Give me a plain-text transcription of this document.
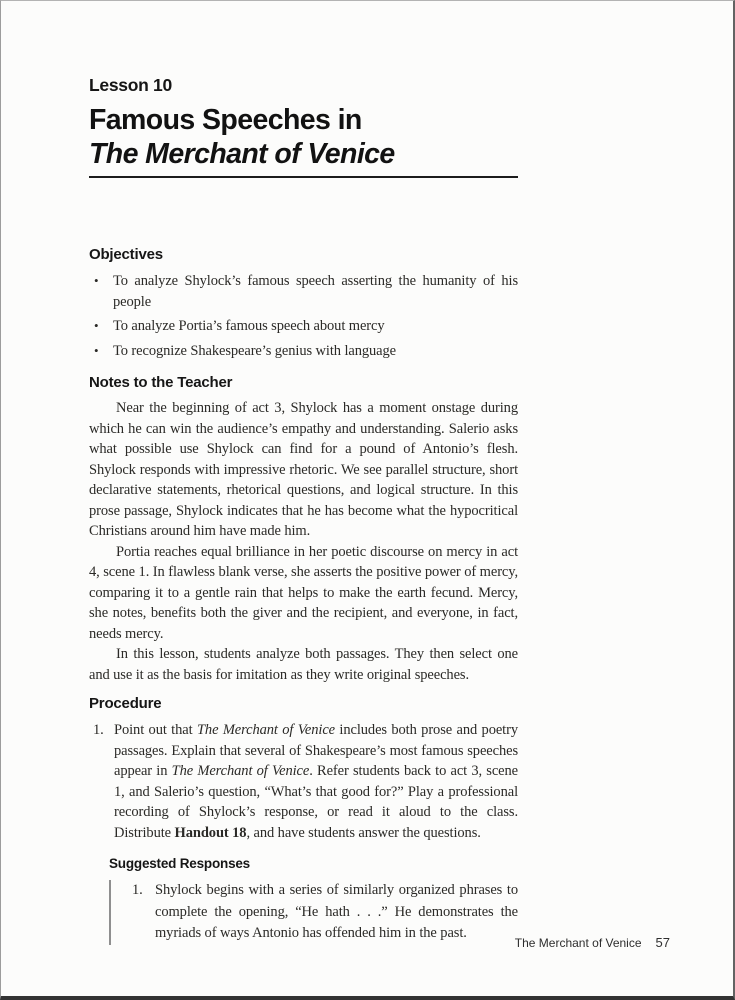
Lesson 10
Famous Speeches in
The Merchant of Venice
Objectives
•	To analyze Shylock’s famous speech asserting the humanity of his people
•	To analyze Portia’s famous speech about mercy
•	To recognize Shakespeare’s genius with language
Notes to the Teacher

Near the beginning of act 3, Shylock has a moment onstage during which he can win the audience’s empathy and understanding. Salerio asks what possible use Shylock can find for a pound of Antonio’s flesh. Shylock responds with impressive rhetoric. We see parallel structure, short declarative statements, rhetorical questions, and logical structure. In this prose passage, Shylock indicates that he has become what the hypocritical Christians around him have made him.

Portia reaches equal brilliance in her poetic discourse on mercy in act 4, scene 1. In flawless blank verse, she asserts the positive power of mercy, comparing it to a gentle rain that helps to make the earth fecund. Mercy, she notes, benefits both the giver and the recipient, and everyone, in fact, needs mercy.

In this lesson, students analyze both passages. They then select one and use it as the basis for imitation as they write original speeches.

Procedure
1. Point out that The Merchant of Venice includes both prose and poetry passages. Explain that several of Shakespeare’s most famous speeches appear in The Merchant of Venice. Refer students back to act 3, scene 1, and Salerio’s question, “What’s that good for?” Play a professional recording of Shylock’s response, or read it aloud to the class. Distribute Handout 18, and have students answer the questions.
Suggested Responses
1. Shylock begins with a series of similarly organized phrases to complete the opening, “He hath . . .” He demonstrates the myriads of ways Antonio has offended him in the past.
The Merchant of Venice 57
